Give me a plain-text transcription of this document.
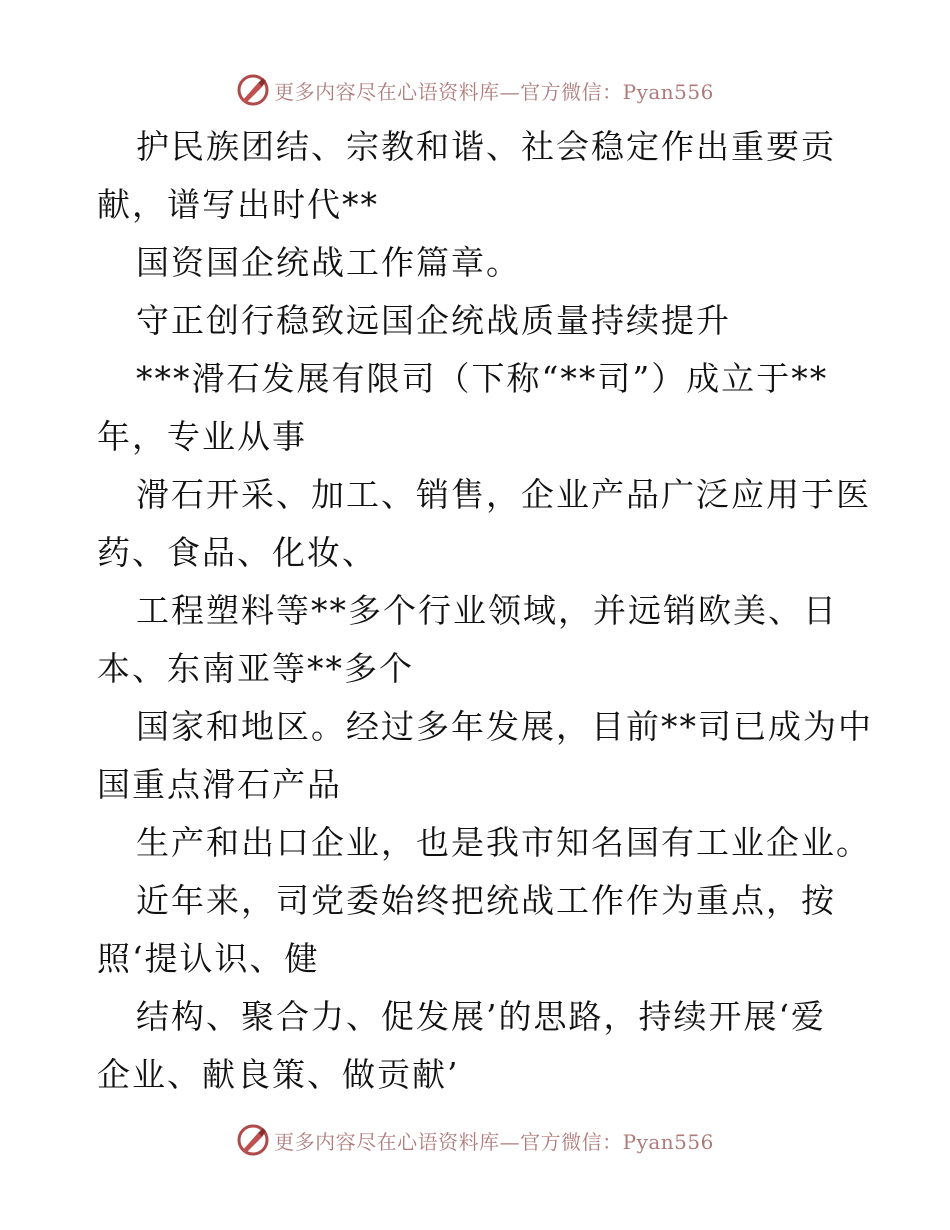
更多内容尽在心语资料库—官方微信：Pyan556
护民族团结、宗教和谐、社会稳定作出重要贡
献，谱写出时代**
国资国企统战工作篇章。
守正创行稳致远国企统战质量持续提升
***滑石发展有限司（下称“**司”）成立于**
年，专业从事
滑石开采、加工、销售，企业产品广泛应用于医
药、食品、化妆、
工程塑料等**多个行业领域，并远销欧美、日
本、东南亚等**多个
国家和地区。经过多年发展，目前**司已成为中
国重点滑石产品
生产和出口企业，也是我市知名国有工业企业。
近年来，司党委始终把统战工作作为重点，按
照‘提认识、健
结构、聚合力、促发展’的思路，持续开展‘爱
企业、献良策、做贡献’
更多内容尽在心语资料库—官方微信：Pyan556
